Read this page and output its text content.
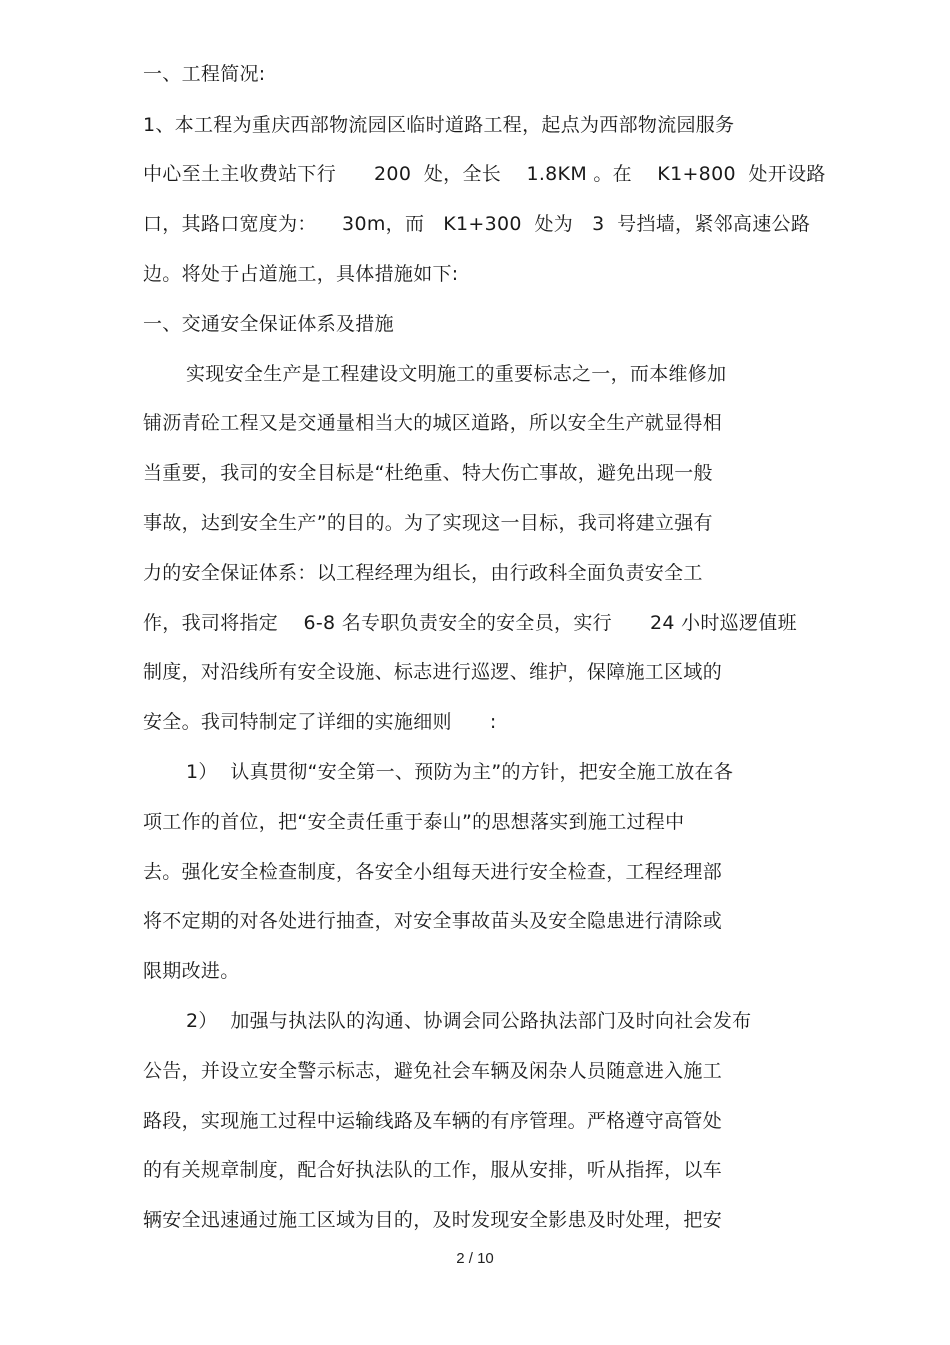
一、工程简况:
1、本工程为重庆西部物流园区临时道路工程，起点为西部物流园服务
中心至土主收费站下行      200  处，全长    1.8KM 。在    K1+800  处开设路
口，其路口宽度为：    30m，而   K1+300  处为   3  号挡墙，紧邻高速公路
边。将处于占道施工，具体措施如下:
一、交通安全保证体系及措施
实现安全生产是工程建设文明施工的重要标志之一，而本维修加
铺沥青砼工程又是交通量相当大的城区道路，所以安全生产就显得相
当重要，我司的安全目标是“杜绝重、特大伤亡事故，避免出现一般
事故，达到安全生产”的目的。为了实现这一目标，我司将建立强有
力的安全保证体系：以工程经理为组长，由行政科全面负责安全工
作，我司将指定    6-8 名专职负责安全的安全员，实行      24 小时巡逻值班
制度，对沿线所有安全设施、标志进行巡逻、维护，保障施工区域的
安全。我司特制定了详细的实施细则      :
1）  认真贯彻“安全第一、预防为主”的方针，把安全施工放在各
项工作的首位，把“安全责任重于泰山”的思想落实到施工过程中
去。强化安全检查制度，各安全小组每天进行安全检查，工程经理部
将不定期的对各处进行抽查，对安全事故苗头及安全隐患进行清除或
限期改进。
2）  加强与执法队的沟通、协调会同公路执法部门及时向社会发布
公告，并设立安全警示标志，避免社会车辆及闲杂人员随意进入施工
路段，实现施工过程中运输线路及车辆的有序管理。严格遵守高管处
的有关规章制度，配合好执法队的工作，服从安排，听从指挥，以车
辆安全迅速通过施工区域为目的，及时发现安全影患及时处理，把安
2 / 10
